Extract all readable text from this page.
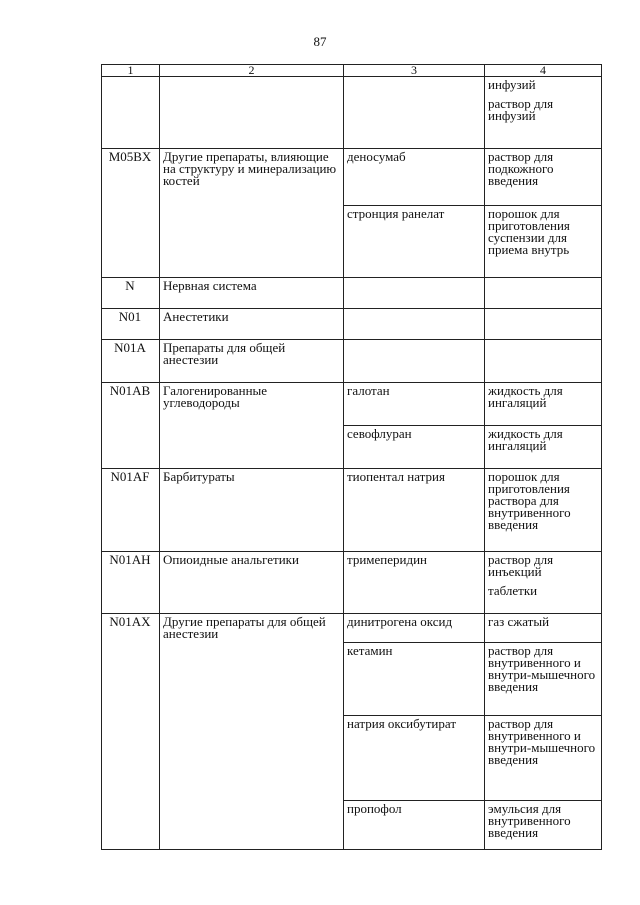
87
1	2	3	4

			инфузий
раствор для инфузий

M05BX	Другие препараты, влияющие на структуру и минерализацию костей	деносумаб	раствор для подкожного введения
		стронция ранелат	порошок для приготовления суспензии для приема внутрь
N	Нервная система		
N01	Анестетики		
N01A	Препараты для общей анестезии		
N01AB	Галогенированные углеводороды	галотан	жидкость для ингаляций
		севофлуран	жидкость для ингаляций
N01AF	Барбитураты	тиопентал натрия	порошок для приготовления раствора для внутривенного введения
N01AH	Опиоидные анальгетики	тримеперидин	раствор для инъекций
таблетки

N01AX	Другие препараты для общей анестезии	динитрогена оксид	газ сжатый
		кетамин	раствор для внутривенного и внутри-мышечного введения
		натрия оксибутират	раствор для внутривенного и внутри-мышечного введения
		пропофол	эмульсия для внутривенного введения
